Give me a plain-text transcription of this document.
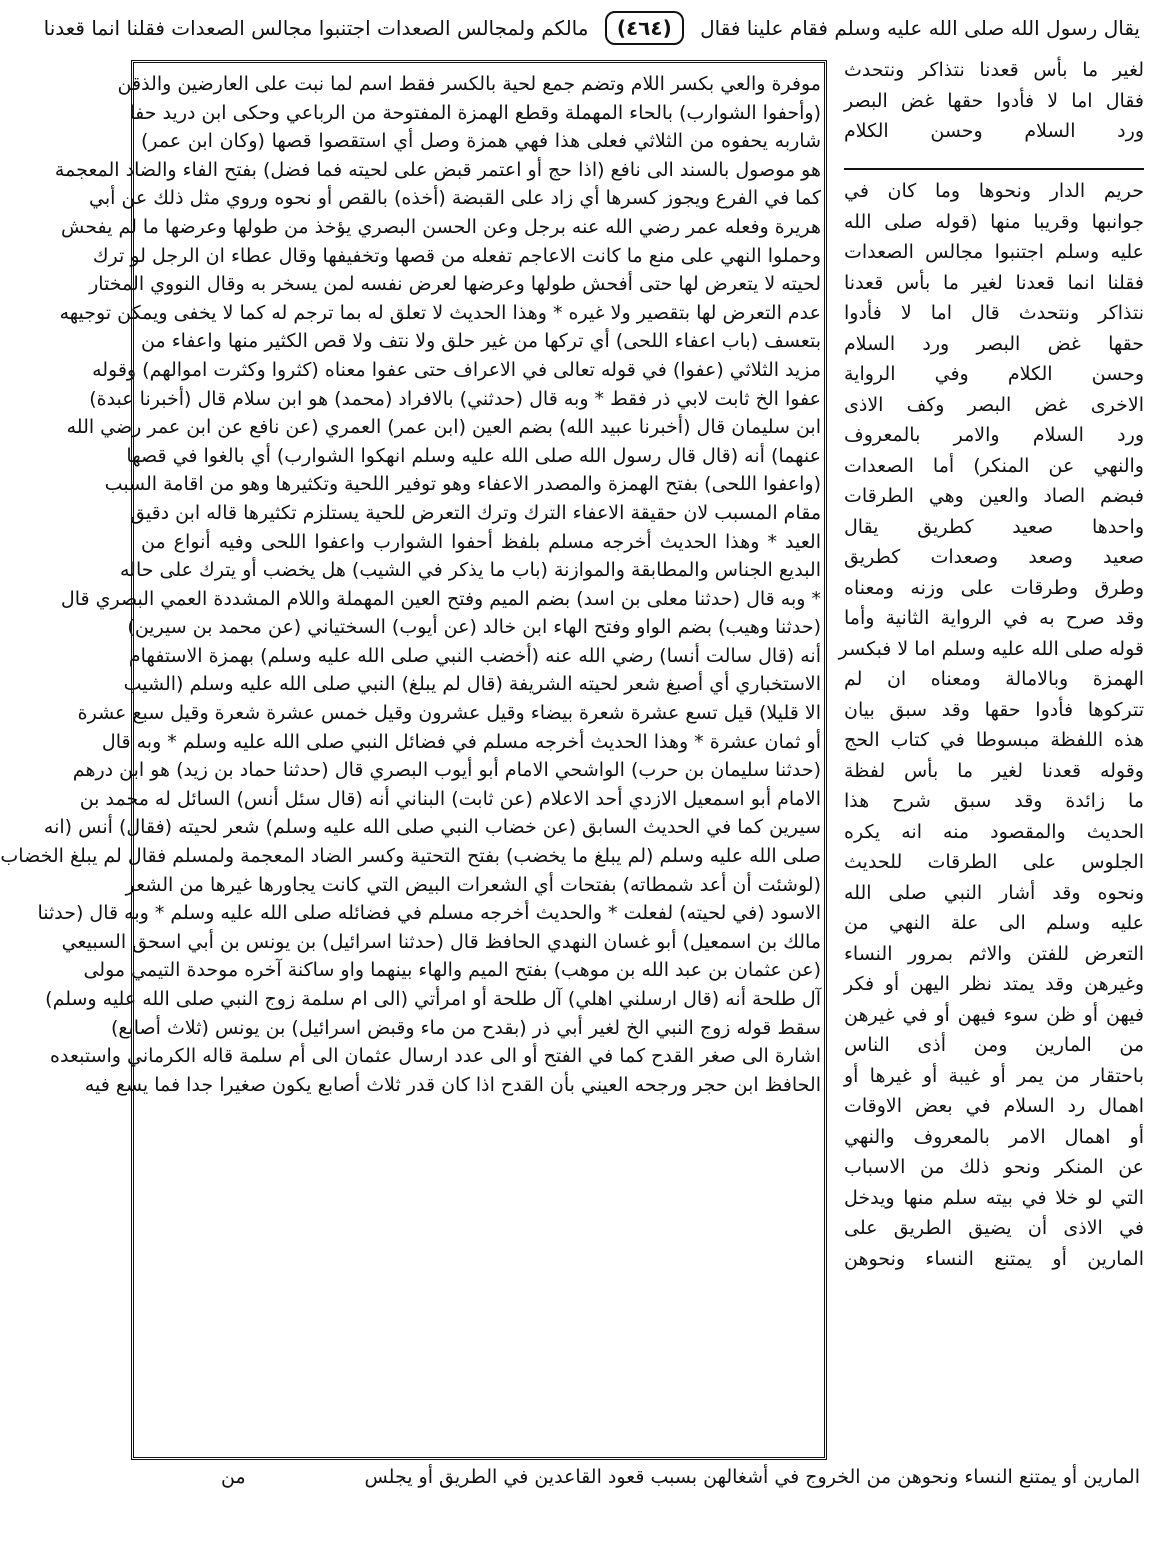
يقال رسول الله صلى الله عليه وسلم فقام علينا فقال (٤٦٤) مالكم ولمجالس الصعدات اجتنبوا مجالس الصعدات فقلنا انما قعدنا

لغير ما بأس قعدنا نتذاكر ونتحدث

فقال اما لا فأدوا حقها غض البصر

ورد السلام وحسن الكلام

حريم الدار ونحوها وما كان في

جوانبها وقريبا منها (قوله صلى الله

عليه وسلم اجتنبوا مجالس الصعدات

فقلنا انما قعدنا لغير ما بأس قعدنا

نتذاكر ونتحدث قال اما لا فأدوا

حقها غض البصر ورد السلام

وحسن الكلام وفي الرواية

الاخرى غض البصر وكف الاذى

ورد السلام والامر بالمعروف

والنهي عن المنكر) أما الصعدات

فبضم الصاد والعين وهي الطرقات

واحدها صعيد كطريق يقال

صعيد وصعد وصعدات كطريق

وطرق وطرقات على وزنه ومعناه

وقد صرح به في الرواية الثانية وأما

قوله صلى الله عليه وسلم اما لا فبكسر

الهمزة وبالامالة ومعناه ان لم

تتركوها فأدوا حقها وقد سبق بيان

هذه اللفظة مبسوطا في كتاب الحج

وقوله قعدنا لغير ما بأس لفظة

ما زائدة وقد سبق شرح هذا

الحديث والمقصود منه انه يكره

الجلوس على الطرقات للحديث

ونحوه وقد أشار النبي صلى الله

عليه وسلم الى علة النهي من

التعرض للفتن والاثم بمرور النساء

وغيرهن وقد يمتد نظر اليهن أو فكر

فيهن أو ظن سوء فيهن أو في غيرهن

من المارين ومن أذى الناس

باحتقار من يمر أو غيبة أو غيرها أو

اهمال رد السلام في بعض الاوقات

أو اهمال الامر بالمعروف والنهي

عن المنكر ونحو ذلك من الاسباب

التي لو خلا في بيته سلم منها ويدخل

في الاذى أن يضيق الطريق على

المارين أو يمتنع النساء ونحوهن

موفرة والعي بكسر اللام وتضم جمع لحية بالكسر فقط اسم لما نبت على العارضين والذقن

(وأحفوا الشوارب) بالحاء المهملة وقطع الهمزة المفتوحة من الرباعي وحكى ابن دريد حفا

شاربه يحفوه من الثلاثي فعلى هذا فهي همزة وصل أي استقصوا قصها (وكان ابن عمر)

هو موصول بالسند الى نافع (اذا حج أو اعتمر قبض على لحيته فما فضل) بفتح الفاء والضاد المعجمة

كما في الفرع ويجوز كسرها أي زاد على القبضة (أخذه) بالقص أو نحوه وروي مثل ذلك عن أبي

هريرة وفعله عمر رضي الله عنه برجل وعن الحسن البصري يؤخذ من طولها وعرضها ما لم يفحش

وحملوا النهي على منع ما كانت الاعاجم تفعله من قصها وتخفيفها وقال عطاء ان الرجل لو ترك

لحيته لا يتعرض لها حتى أفحش طولها وعرضها لعرض نفسه لمن يسخر به وقال النووي المختار

عدم التعرض لها بتقصير ولا غيره * وهذا الحديث لا تعلق له بما ترجم له كما لا يخفى ويمكن توجيهه

بتعسف (باب اعفاء اللحى) أي تركها من غير حلق ولا نتف ولا قص الكثير منها واعفاء من

مزيد الثلاثي (عفوا) في قوله تعالى في الاعراف حتى عفوا معناه (كثروا وكثرت اموالهم) وقوله

عفوا الخ ثابت لابي ذر فقط * وبه قال (حدثني) بالافراد (محمد) هو ابن سلام قال (أخبرنا عبدة)

ابن سليمان قال (أخبرنا عبيد الله) بضم العين (ابن عمر) العمري (عن نافع عن ابن عمر رضي الله

عنهما) أنه (قال قال رسول الله صلى الله عليه وسلم انهكوا الشوارب) أي بالغوا في قصها

(واعفوا اللحى) بفتح الهمزة والمصدر الاعفاء وهو توفير اللحية وتكثيرها وهو من اقامة السبب

مقام المسبب لان حقيقة الاعفاء الترك وترك التعرض للحية يستلزم تكثيرها قاله ابن دقيق

العيد * وهذا الحديث أخرجه مسلم بلفظ أحفوا الشوارب واعفوا اللحى وفيه أنواع من

البديع الجناس والمطابقة والموازنة (باب ما يذكر في الشيب) هل يخضب أو يترك على حاله

* وبه قال (حدثنا معلى بن اسد) بضم الميم وفتح العين المهملة واللام المشددة العمي البصري قال

(حدثنا وهيب) بضم الواو وفتح الهاء ابن خالد (عن أيوب) السختياني (عن محمد بن سيرين)

أنه (قال سالت أنسا) رضي الله عنه (أخضب النبي صلى الله عليه وسلم) بهمزة الاستفهام

الاستخباري أي أصبغ شعر لحيته الشريفة (قال لم يبلغ) النبي صلى الله عليه وسلم (الشيب

الا قليلا) قيل تسع عشرة شعرة بيضاء وقيل عشرون وقيل خمس عشرة شعرة وقيل سبع عشرة

أو ثمان عشرة * وهذا الحديث أخرجه مسلم في فضائل النبي صلى الله عليه وسلم * وبه قال

(حدثنا سليمان بن حرب) الواشحي الامام أبو أيوب البصري قال (حدثنا حماد بن زيد) هو ابن درهم

الامام أبو اسمعيل الازدي أحد الاعلام (عن ثابت) البناني أنه (قال سئل أنس) السائل له محمد بن

سيرين كما في الحديث السابق (عن خضاب النبي صلى الله عليه وسلم) شعر لحيته (فقال) أنس (انه

صلى الله عليه وسلم (لم يبلغ ما يخضب) بفتح التحتية وكسر الضاد المعجمة ولمسلم فقال لم يبلغ الخضاب

(لوشئت أن أعد شمطاته) بفتحات أي الشعرات البيض التي كانت يجاورها غيرها من الشعر

الاسود (في لحيته) لفعلت * والحديث أخرجه مسلم في فضائله صلى الله عليه وسلم * وبه قال (حدثنا

مالك بن اسمعيل) أبو غسان النهدي الحافظ قال (حدثنا اسرائيل) بن يونس بن أبي اسحق السبيعي

(عن عثمان بن عبد الله بن موهب) بفتح الميم والهاء بينهما واو ساكنة آخره موحدة التيمي مولى

آل طلحة أنه (قال ارسلني اهلي) آل طلحة أو امرأتي (الى ام سلمة زوج النبي صلى الله عليه وسلم)

سقط قوله زوج النبي الخ لغير أبي ذر (بقدح من ماء وقبض اسرائيل) بن يونس (ثلاث أصابع)

اشارة الى صغر القدح كما في الفتح أو الى عدد ارسال عثمان الى أم سلمة قاله الكرماني واستبعده

الحافظ ابن حجر ورجحه العيني بأن القدح اذا كان قدر ثلاث أصابع يكون صغيرا جدا فما يسع فيه

المارين أو يمتنع النساء ونحوهن من الخروج في أشغالهن بسبب قعود القاعدين في الطريق أو يجلس
من
